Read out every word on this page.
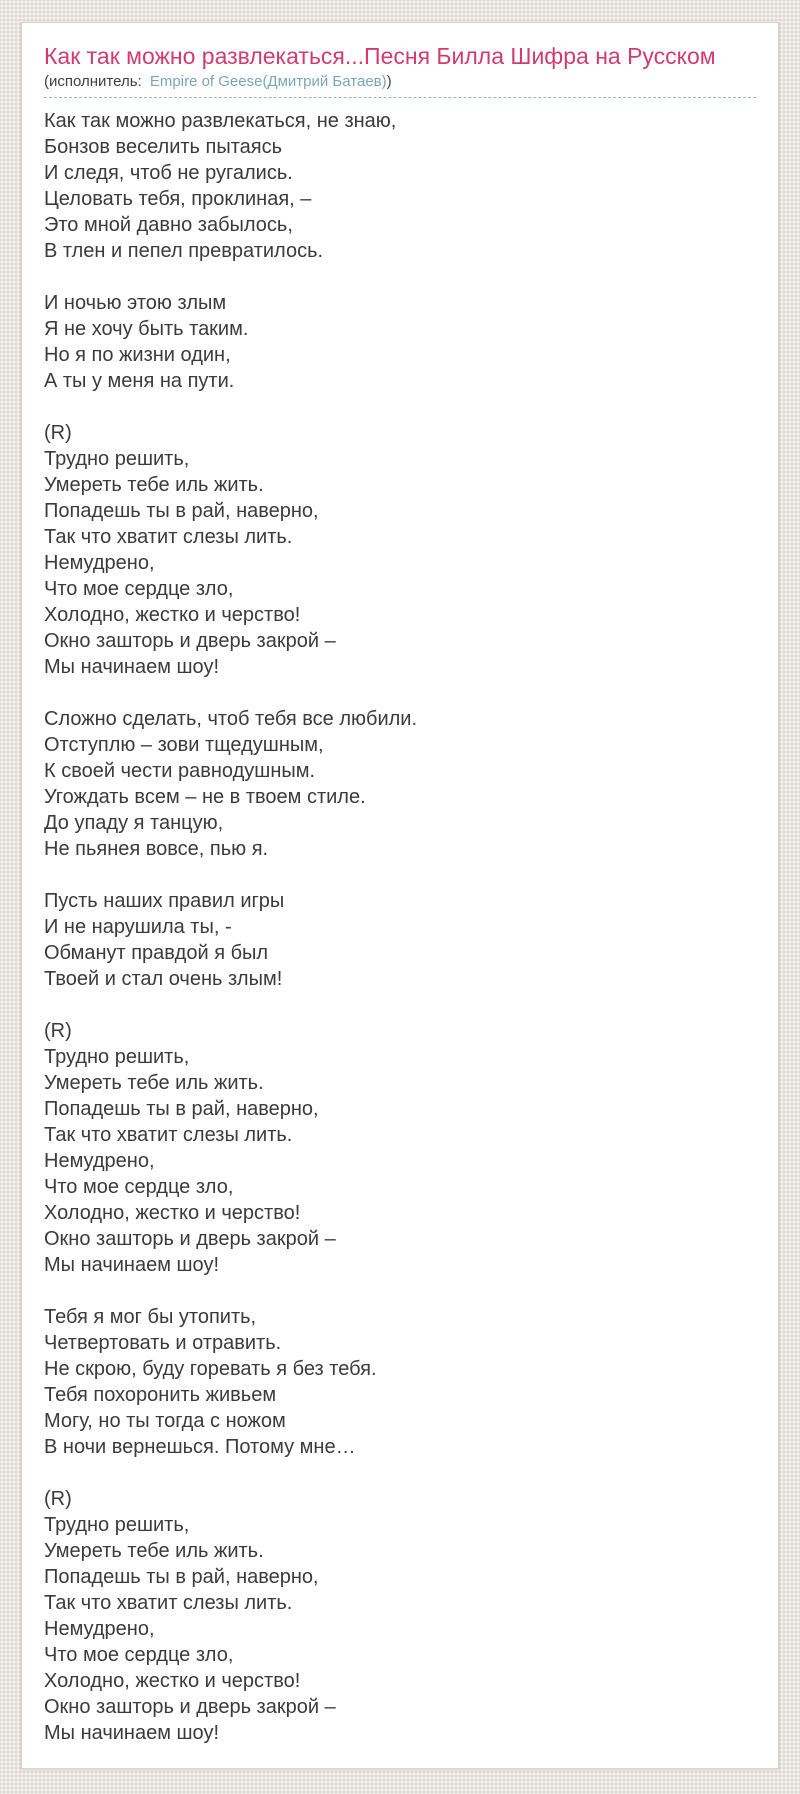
Как так можно развлекаться...Песня Билла Шифра на Русском
(исполнитель: Empire of Geese(Дмитрий Батаев))

Как так можно развлекаться, не знаю,
Бонзов веселить пытаясь
И следя, чтоб не ругались.
Целовать тебя, проклиная, –
Это мной давно забылось,
В тлен и пепел превратилось.

И ночью этою злым
Я не хочу быть таким.
Но я по жизни один,
А ты у меня на пути.

(R)
Трудно решить,
Умереть тебе иль жить.
Попадешь ты в рай, наверно,
Так что хватит слезы лить.
Немудрено,
Что мое сердце зло,
Холодно, жестко и черство!
Окно зашторь и дверь закрой –
Мы начинаем шоу!

Сложно сделать, чтоб тебя все любили.
Отступлю – зови тщедушным,
К своей чести равнодушным.
Угождать всем – не в твоем стиле.
До упаду я танцую,
Не пьянея вовсе, пью я.

Пусть наших правил игры
И не нарушила ты, -
Обманут правдой я был
Твоей и стал очень злым!

(R)
Трудно решить,
Умереть тебе иль жить.
Попадешь ты в рай, наверно,
Так что хватит слезы лить.
Немудрено,
Что мое сердце зло,
Холодно, жестко и черство!
Окно зашторь и дверь закрой –
Мы начинаем шоу!

Тебя я мог бы утопить,
Четвертовать и отравить.
Не скрою, буду горевать я без тебя.
Тебя похоронить живьем
Могу, но ты тогда с ножом
В ночи вернешься. Потому мне…

(R)
Трудно решить,
Умереть тебе иль жить.
Попадешь ты в рай, наверно,
Так что хватит слезы лить.
Немудрено,
Что мое сердце зло,
Холодно, жестко и черство!
Окно зашторь и дверь закрой –
Мы начинаем шоу!
